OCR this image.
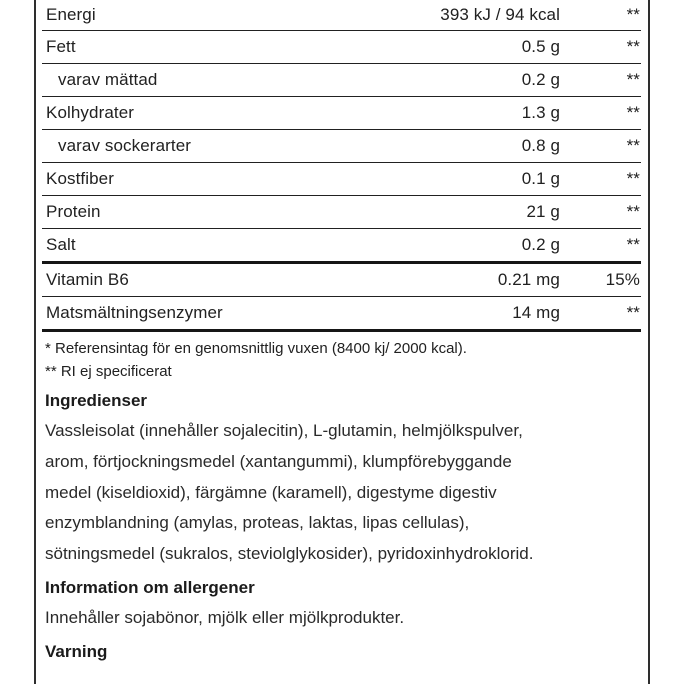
Energi	393 kJ / 94 kcal	**
Fett	0.5 g	**
varav mättad	0.2 g	**
Kolhydrater	1.3 g	**
varav sockerarter	0.8 g	**
Kostfiber	0.1 g	**
Protein	21 g	**
Salt	0.2 g	**
Vitamin B6	0.21 mg	15%
Matsmältningsenzymer	14 mg	**
* Referensintag för en genomsnittlig vuxen (8400 kj/ 2000 kcal).
** RI ej specificerat
Ingredienser
Vassleisolat (innehåller sojalecitin), L-glutamin, helmjölkspulver,
arom, förtjockningsmedel (xantangummi), klumpförebyggande
medel (kiseldioxid), färgämne (karamell), digestyme digestiv
enzymblandning (amylas, proteas, laktas, lipas cellulas),
sötningsmedel (sukralos, steviolglykosider), pyridoxinhydroklorid.
Information om allergener
Innehåller sojabönor, mjölk eller mjölkprodukter.
Varning
